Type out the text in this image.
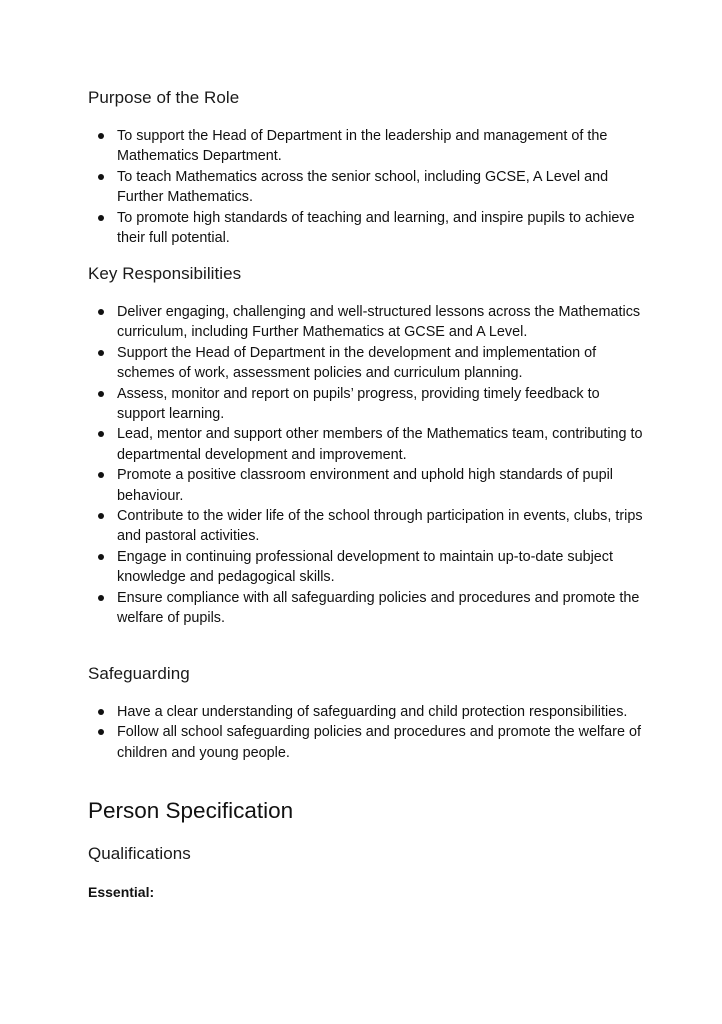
Purpose of the Role
To support the Head of Department in the leadership and management of the Mathematics Department.
To teach Mathematics across the senior school, including GCSE, A Level and Further Mathematics.
To promote high standards of teaching and learning, and inspire pupils to achieve their full potential.
Key Responsibilities
Deliver engaging, challenging and well-structured lessons across the Mathematics curriculum, including Further Mathematics at GCSE and A Level.
Support the Head of Department in the development and implementation of schemes of work, assessment policies and curriculum planning.
Assess, monitor and report on pupils’ progress, providing timely feedback to support learning.
Lead, mentor and support other members of the Mathematics team, contributing to departmental development and improvement.
Promote a positive classroom environment and uphold high standards of pupil behaviour.
Contribute to the wider life of the school through participation in events, clubs, trips and pastoral activities.
Engage in continuing professional development to maintain up-to-date subject knowledge and pedagogical skills.
Ensure compliance with all safeguarding policies and procedures and promote the welfare of pupils.
Safeguarding
Have a clear understanding of safeguarding and child protection responsibilities.
Follow all school safeguarding policies and procedures and promote the welfare of children and young people.
Person Specification
Qualifications

Essential:
